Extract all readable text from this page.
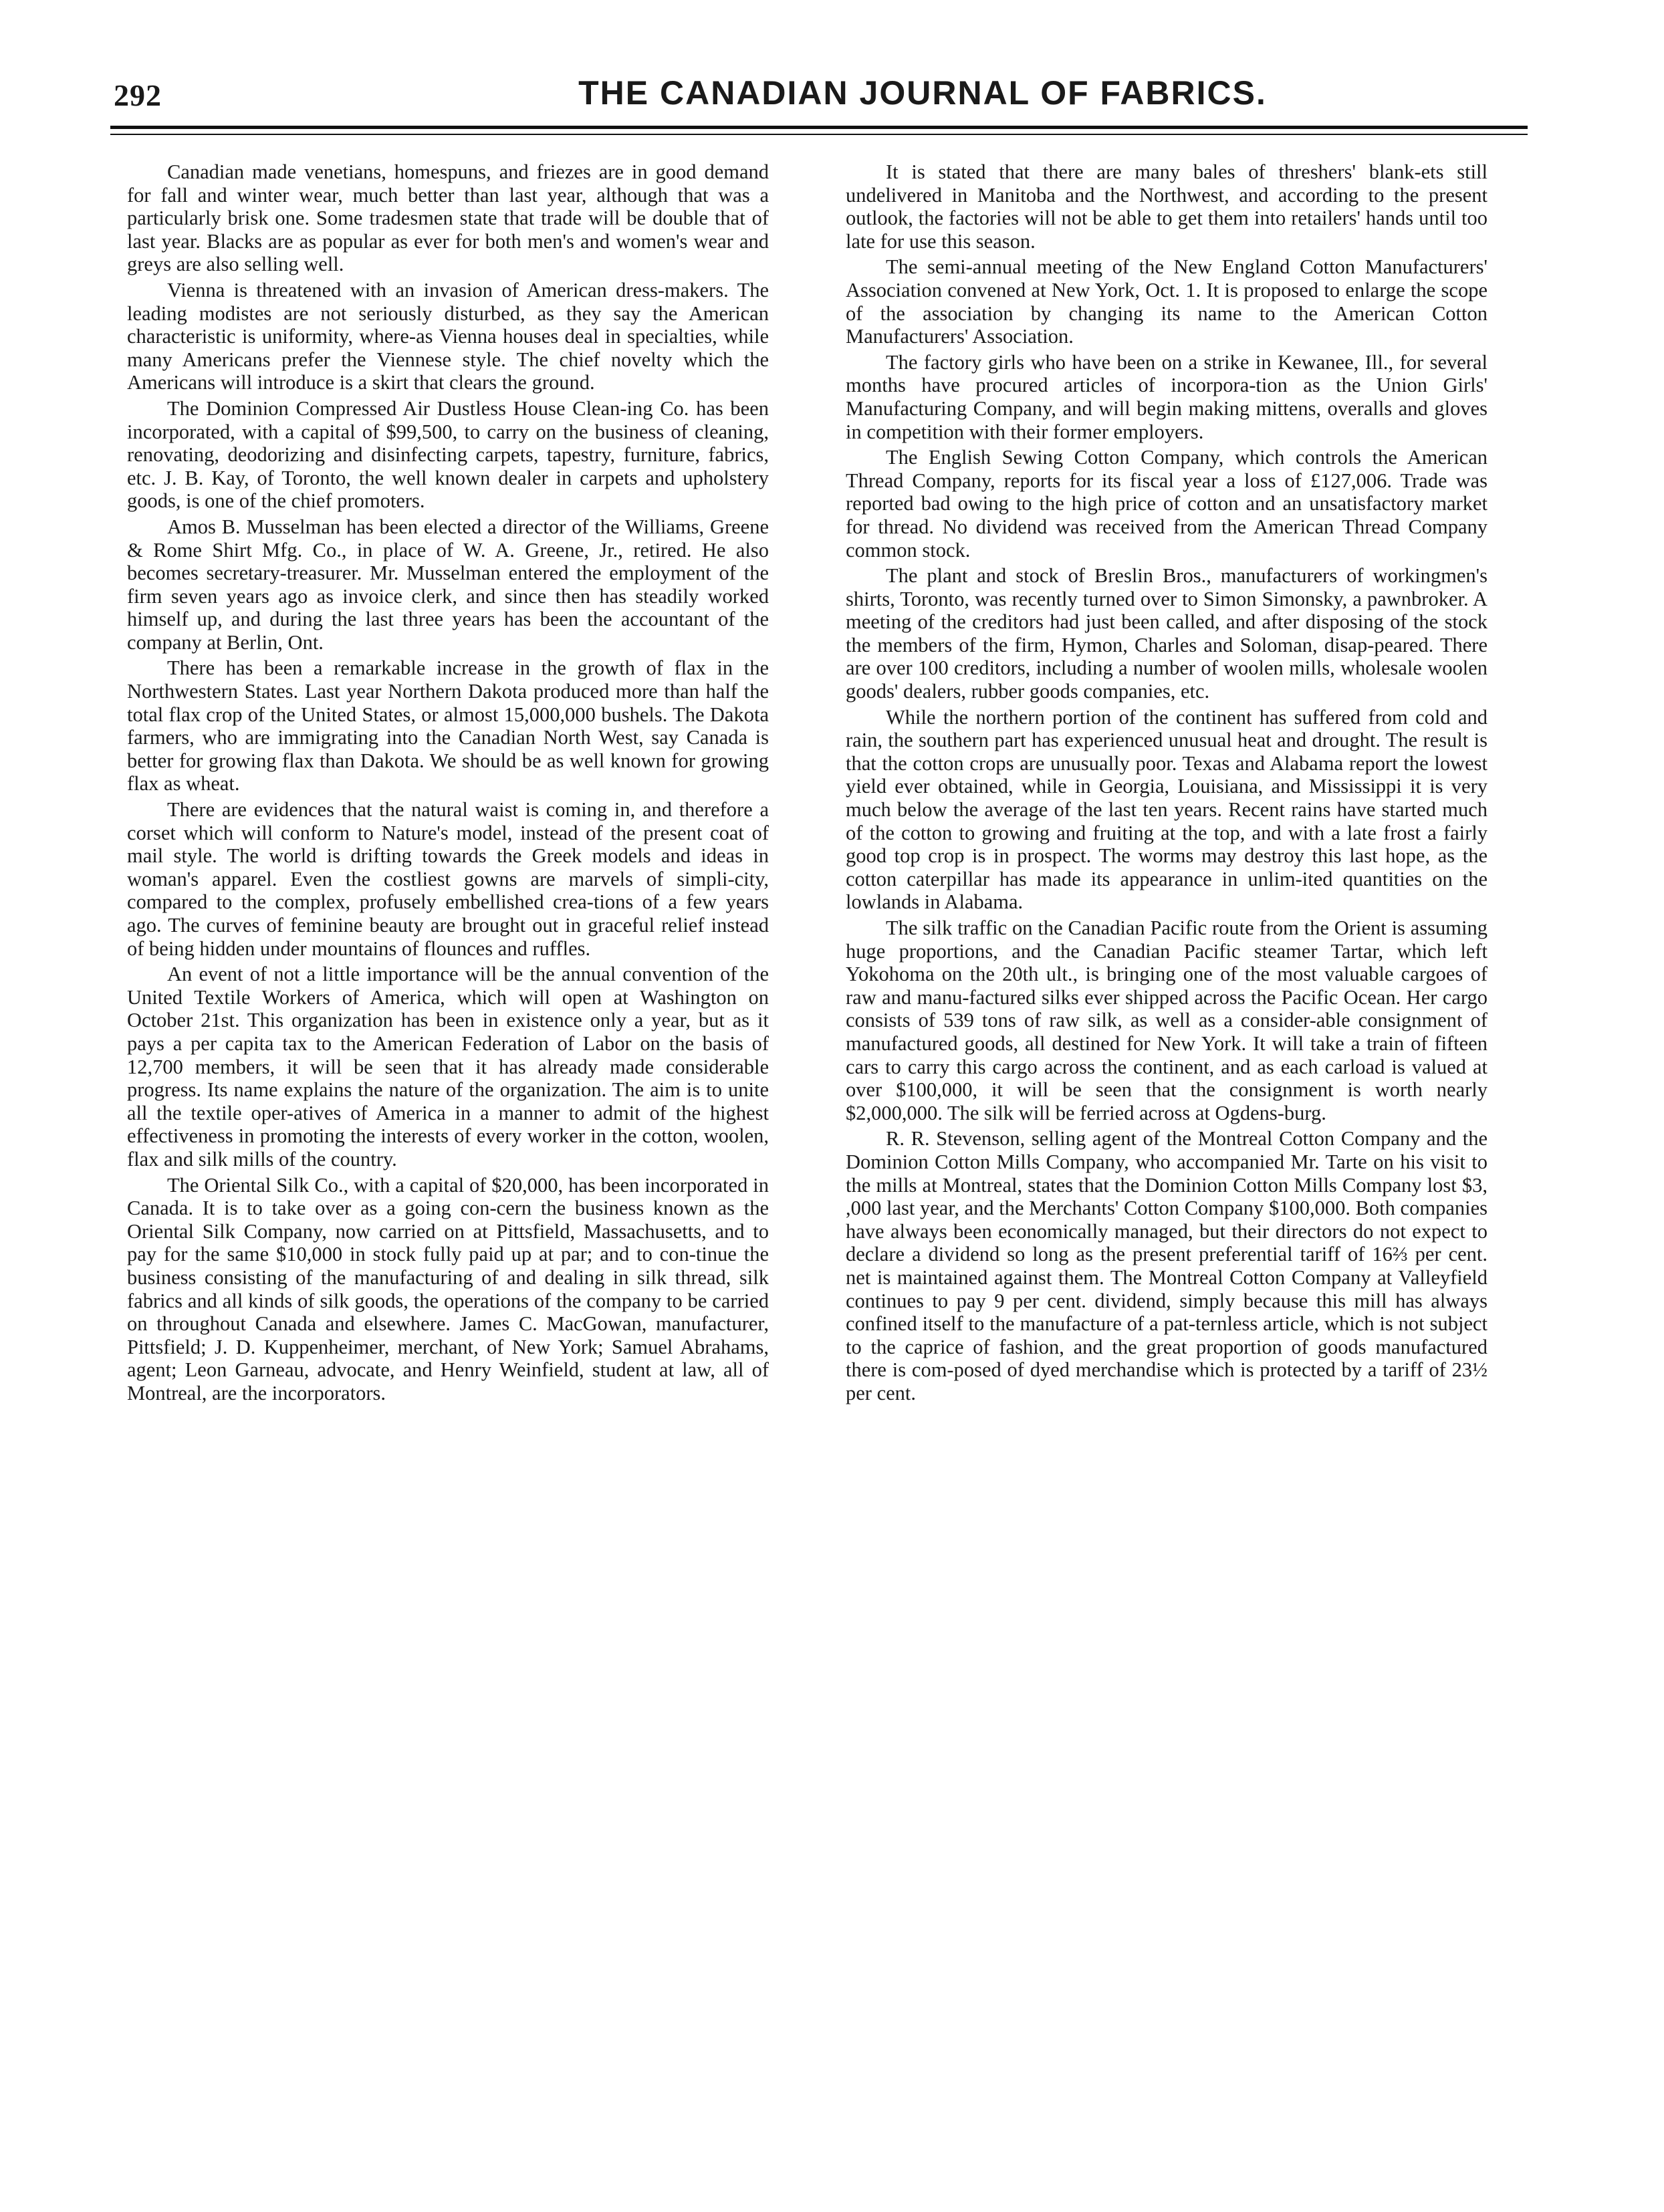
292	THE CANADIAN JOURNAL OF FABRICS.

Canadian made venetians, homespuns, and friezes are in good demand for fall and winter wear, much better than last year, although that was a particularly brisk one. Some tradesmen state that trade will be double that of last year. Blacks are as popular as ever for both men's and women's wear and greys are also selling well.

Vienna is threatened with an invasion of American dress-makers. The leading modistes are not seriously disturbed, as they say the American characteristic is uniformity, where-as Vienna houses deal in specialties, while many Americans prefer the Viennese style. The chief novelty which the Americans will introduce is a skirt that clears the ground.

The Dominion Compressed Air Dustless House Clean-ing Co. has been incorporated, with a capital of $99,500, to carry on the business of cleaning, renovating, deodorizing and disinfecting carpets, tapestry, furniture, fabrics, etc. J. B. Kay, of Toronto, the well known dealer in carpets and upholstery goods, is one of the chief promoters.

Amos B. Musselman has been elected a director of the Williams, Greene & Rome Shirt Mfg. Co., in place of W. A. Greene, Jr., retired. He also becomes secretary-treasurer. Mr. Musselman entered the employment of the firm seven years ago as invoice clerk, and since then has steadily worked himself up, and during the last three years has been the accountant of the company at Berlin, Ont.

There has been a remarkable increase in the growth of flax in the Northwestern States. Last year Northern Dakota produced more than half the total flax crop of the United States, or almost 15,000,000 bushels. The Dakota farmers, who are immigrating into the Canadian North West, say Canada is better for growing flax than Dakota. We should be as well known for growing flax as wheat.

There are evidences that the natural waist is coming in, and therefore a corset which will conform to Nature's model, instead of the present coat of mail style. The world is drifting towards the Greek models and ideas in woman's apparel. Even the costliest gowns are marvels of simpli-city, compared to the complex, profusely embellished crea-tions of a few years ago. The curves of feminine beauty are brought out in graceful relief instead of being hidden under mountains of flounces and ruffles.

An event of not a little importance will be the annual convention of the United Textile Workers of America, which will open at Washington on October 21st. This organization has been in existence only a year, but as it pays a per capita tax to the American Federation of Labor on the basis of 12,700 members, it will be seen that it has already made considerable progress. Its name explains the nature of the organization. The aim is to unite all the textile oper-atives of America in a manner to admit of the highest effectiveness in promoting the interests of every worker in the cotton, woolen, flax and silk mills of the country.

The Oriental Silk Co., with a capital of $20,000, has been incorporated in Canada. It is to take over as a going con-cern the business known as the Oriental Silk Company, now carried on at Pittsfield, Massachusetts, and to pay for the same $10,000 in stock fully paid up at par; and to con-tinue the business consisting of the manufacturing of and dealing in silk thread, silk fabrics and all kinds of silk goods, the operations of the company to be carried on throughout Canada and elsewhere. James C. MacGowan, manufacturer, Pittsfield; J. D. Kuppenheimer, merchant, of New York; Samuel Abrahams, agent; Leon Garneau, advocate, and Henry Weinfield, student at law, all of Montreal, are the incorporators.

It is stated that there are many bales of threshers' blank-ets still undelivered in Manitoba and the Northwest, and according to the present outlook, the factories will not be able to get them into retailers' hands until too late for use this season.

The semi-annual meeting of the New England Cotton Manufacturers' Association convened at New York, Oct. 1. It is proposed to enlarge the scope of the association by changing its name to the American Cotton Manufacturers' Association.

The factory girls who have been on a strike in Kewanee, Ill., for several months have procured articles of incorpora-tion as the Union Girls' Manufacturing Company, and will begin making mittens, overalls and gloves in competition with their former employers.

The English Sewing Cotton Company, which controls the American Thread Company, reports for its fiscal year a loss of £127,006. Trade was reported bad owing to the high price of cotton and an unsatisfactory market for thread. No dividend was received from the American Thread Company common stock.

The plant and stock of Breslin Bros., manufacturers of workingmen's shirts, Toronto, was recently turned over to Simon Simonsky, a pawnbroker. A meeting of the creditors had just been called, and after disposing of the stock the members of the firm, Hymon, Charles and Soloman, disap-peared. There are over 100 creditors, including a number of woolen mills, wholesale woolen goods' dealers, rubber goods companies, etc.

While the northern portion of the continent has suffered from cold and rain, the southern part has experienced unusual heat and drought. The result is that the cotton crops are unusually poor. Texas and Alabama report the lowest yield ever obtained, while in Georgia, Louisiana, and Mississippi it is very much below the average of the last ten years. Recent rains have started much of the cotton to growing and fruiting at the top, and with a late frost a fairly good top crop is in prospect. The worms may destroy this last hope, as the cotton caterpillar has made its appearance in unlim-ited quantities on the lowlands in Alabama.

The silk traffic on the Canadian Pacific route from the Orient is assuming huge proportions, and the Canadian Pacific steamer Tartar, which left Yokohoma on the 20th ult., is bringing one of the most valuable cargoes of raw and manu-factured silks ever shipped across the Pacific Ocean. Her cargo consists of 539 tons of raw silk, as well as a consider-able consignment of manufactured goods, all destined for New York. It will take a train of fifteen cars to carry this cargo across the continent, and as each carload is valued at over $100,000, it will be seen that the consignment is worth nearly $2,000,000. The silk will be ferried across at Ogdens-burg.

R. R. Stevenson, selling agent of the Montreal Cotton Company and the Dominion Cotton Mills Company, who accompanied Mr. Tarte on his visit to the mills at Montreal, states that the Dominion Cotton Mills Company lost $3, ,000 last year, and the Merchants' Cotton Company $100,000. Both companies have always been economically managed, but their directors do not expect to declare a dividend so long as the present preferential tariff of 16⅔ per cent. net is maintained against them. The Montreal Cotton Company at Valleyfield continues to pay 9 per cent. dividend, simply because this mill has always confined itself to the manufacture of a pat-ternless article, which is not subject to the caprice of fashion, and the great proportion of goods manufactured there is com-posed of dyed merchandise which is protected by a tariff of 23½ per cent.
